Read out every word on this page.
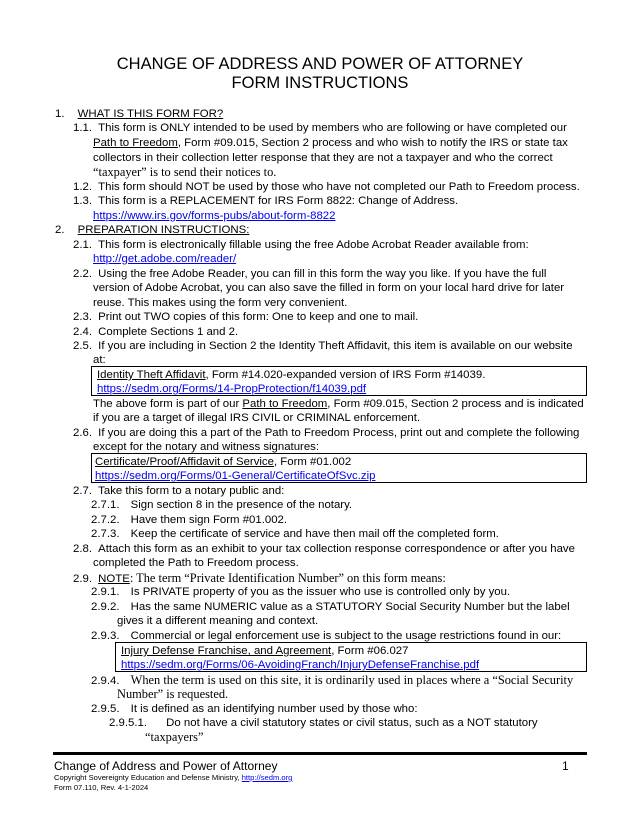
CHANGE OF ADDRESS AND POWER OF ATTORNEY
FORM INSTRUCTIONS
1. WHAT IS THIS FORM FOR?
1.1. This form is ONLY intended to be used by members who are following or have completed our
Path to Freedom, Form #09.015, Section 2 process and who wish to notify the IRS or state tax
collectors in their collection letter response that they are not a taxpayer and who the correct
“taxpayer” is to send their notices to.
1.2. This form should NOT be used by those who have not completed our Path to Freedom process.
1.3. This form is a REPLACEMENT for IRS Form 8822: Change of Address.
https://www.irs.gov/forms-pubs/about-form-8822
2. PREPARATION INSTRUCTIONS:
2.1. This form is electronically fillable using the free Adobe Acrobat Reader available from:
http://get.adobe.com/reader/
2.2. Using the free Adobe Reader, you can fill in this form the way you like. If you have the full
version of Adobe Acrobat, you can also save the filled in form on your local hard drive for later
reuse. This makes using the form very convenient.
2.3. Print out TWO copies of this form: One to keep and one to mail.
2.4. Complete Sections 1 and 2.
2.5. If you are including in Section 2 the Identity Theft Affidavit, this item is available on our website
at:
Identity Theft Affidavit, Form #14.020-expanded version of IRS Form #14039.
https://sedm.org/Forms/14-PropProtection/f14039.pdf
The above form is part of our Path to Freedom, Form #09.015, Section 2 process and is indicated
if you are a target of illegal IRS CIVIL or CRIMINAL enforcement.
2.6. If you are doing this a part of the Path to Freedom Process, print out and complete the following
except for the notary and witness signatures:
Certificate/Proof/Affidavit of Service, Form #01.002
https://sedm.org/Forms/01-General/CertificateOfSvc.zip
2.7. Take this form to a notary public and:
2.7.1. Sign section 8 in the presence of the notary.
2.7.2. Have them sign Form #01.002.
2.7.3. Keep the certificate of service and have then mail off the completed form.
2.8. Attach this form as an exhibit to your tax collection response correspondence or after you have
completed the Path to Freedom process.
2.9. NOTE: The term “Private Identification Number” on this form means:
2.9.1. Is PRIVATE property of you as the issuer who use is controlled only by you.
2.9.2. Has the same NUMERIC value as a STATUTORY Social Security Number but the label
gives it a different meaning and context.
2.9.3. Commercial or legal enforcement use is subject to the usage restrictions found in our:
Injury Defense Franchise, and Agreement, Form #06.027
https://sedm.org/Forms/06-AvoidingFranch/InjuryDefenseFranchise.pdf
2.9.4. When the term is used on this site, it is ordinarily used in places where a “Social Security
Number” is requested.
2.9.5. It is defined as an identifying number used by those who:
2.9.5.1. Do not have a civil statutory states or civil status, such as a NOT statutory
“taxpayers”
Change of Address and Power of Attorney	1
Copyright Sovereignty Education and Defense Ministry, http://sedm.org
Form 07.110, Rev. 4-1-2024
